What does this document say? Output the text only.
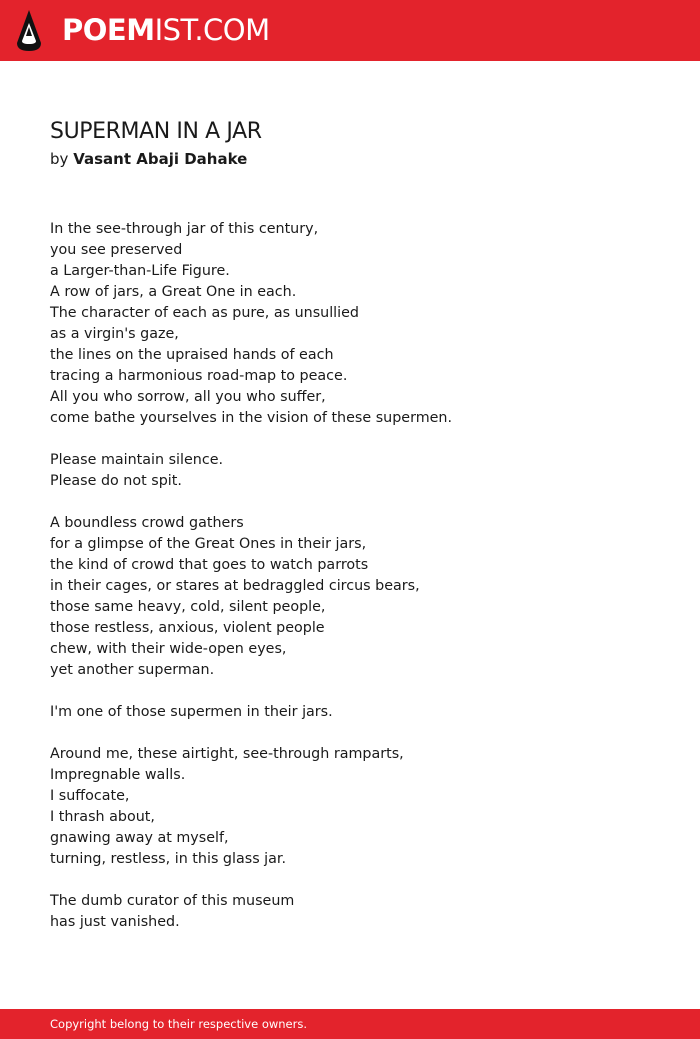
POEMIST.COM
SUPERMAN IN A JAR
by Vasant Abaji Dahake
In the see-through jar of this century,
you see preserved
a Larger-than-Life Figure.
A row of jars, a Great One in each.
The character of each as pure, as unsullied
as a virgin's gaze,
the lines on the upraised hands of each
tracing a harmonious road-map to peace.
All you who sorrow, all you who suffer,
come bathe yourselves in the vision of these supermen.
Please maintain silence.
Please do not spit.
A boundless crowd gathers
for a glimpse of the Great Ones in their jars,
the kind of crowd that goes to watch parrots
in their cages, or stares at bedraggled circus bears,
those same heavy, cold, silent people,
those restless, anxious, violent people
chew, with their wide-open eyes,
yet another superman.
I'm one of those supermen in their jars.
Around me, these airtight, see-through ramparts,
Impregnable walls.
I suffocate,
I thrash about,
gnawing away at myself,
turning, restless, in this glass jar.
The dumb curator of this museum
has just vanished.
Copyright belong to their respective owners.
